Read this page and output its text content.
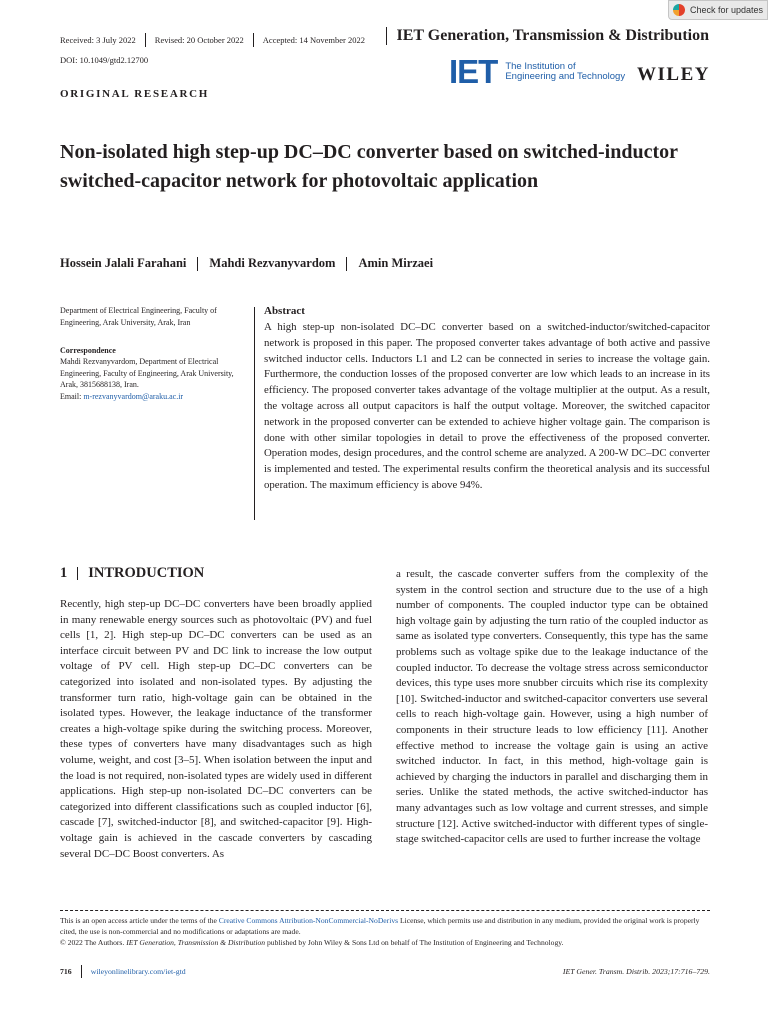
Check for updates
Received: 3 July 2022 Revised: 20 October 2022 Accepted: 14 November 2022
DOI: 10.1049/gtd2.12700
IET Generation, Transmission & Distribution
IET The Institution of
Engineering and Technology WILEY
ORIGINAL RESEARCH
Non-isolated high step-up DC–DC converter based on switched-inductor switched-capacitor network for photovoltaic application
Hossein Jalali Farahani Mahdi Rezvanyvardom Amin Mirzaei
Department of Electrical Engineering, Faculty of Engineering, Arak University, Arak, Iran
Correspondence
Mahdi Rezvanyvardom, Department of Electrical Engineering, Faculty of Engineering, Arak University, Arak, 3815688138, Iran.
Email: m-rezvanyvardom@araku.ac.ir
Abstract

A high step-up non-isolated DC–DC converter based on a switched-inductor/switched-capacitor network is proposed in this paper. The proposed converter takes advantage of both active and passive switched inductor cells. Inductors L1 and L2 can be connected in series to increase the voltage gain. Furthermore, the conduction losses of the proposed converter are low which leads to an increase in its efficiency. The proposed converter takes advantage of the voltage multiplier at the output. As a result, the voltage across all output capacitors is half the output voltage. Moreover, the switched capacitor network in the proposed converter can be extended to achieve higher voltage gain. The comparison is done with other similar topologies in detail to prove the effectiveness of the proposed converter. Operation modes, design procedures, and the control scheme are analyzed. A 200-W DC–DC converter is implemented and tested. The experimental results confirm the theoretical analysis and its successful operation. The maximum efficiency is above 94%.

1 INTRODUCTION

Recently, high step-up DC–DC converters have been broadly applied in many renewable energy sources such as photovoltaic (PV) and fuel cells [1, 2]. High step-up DC–DC converters can be used as an interface circuit between PV and DC link to increase the low output voltage of PV cell. High step-up DC–DC converters can be categorized into isolated and non-isolated types. By adjusting the transformer turn ratio, high-voltage gain can be obtained in the isolated types. However, the leakage inductance of the transformer creates a high-voltage spike during the switching process. Moreover, these types of converters have many disadvantages such as high volume, weight, and cost [3–5]. When isolation between the input and the load is not required, non-isolated types are widely used in different applications. High step-up non-isolated DC–DC converters can be categorized into different classifications such as coupled inductor [6], cascade [7], switched-inductor [8], and switched-capacitor [9]. High-voltage gain is achieved in the cascade converters by cascading several DC–DC Boost converters. As

a result, the cascade converter suffers from the complexity of the system in the control section and structure due to the use of a high number of components. The coupled inductor type can be obtained high voltage gain by adjusting the turn ratio of the coupled inductor as same as isolated type converters. Consequently, this type has the same problems such as voltage spike due to the leakage inductance of the coupled inductor. To decrease the voltage stress across semiconductor devices, this type uses more snubber circuits which rise its complexity [10]. Switched-inductor and switched-capacitor converters use several cells to reach high-voltage gain. However, using a high number of components in their structure leads to low efficiency [11]. Another effective method to increase the voltage gain is using an active switched inductor. In fact, in this method, high-voltage gain is achieved by charging the inductors in parallel and discharging them in series. Unlike the stated methods, the active switched-inductor has many advantages such as low voltage and current stresses, and simple structure [12]. Active switched-inductor with different types of single-stage switched-capacitor cells are used to further increase the voltage

This is an open access article under the terms of the Creative Commons Attribution-NonCommercial-NoDerivs License, which permits use and distribution in any medium, provided the original work is properly cited, the use is non-commercial and no modifications or adaptations are made.
© 2022 The Authors. IET Generation, Transmission & Distribution published by John Wiley & Sons Ltd on behalf of The Institution of Engineering and Technology.
716 wileyonlinelibrary.com/iet-gtd	IET Gener. Transm. Distrib. 2023;17:716–729.
